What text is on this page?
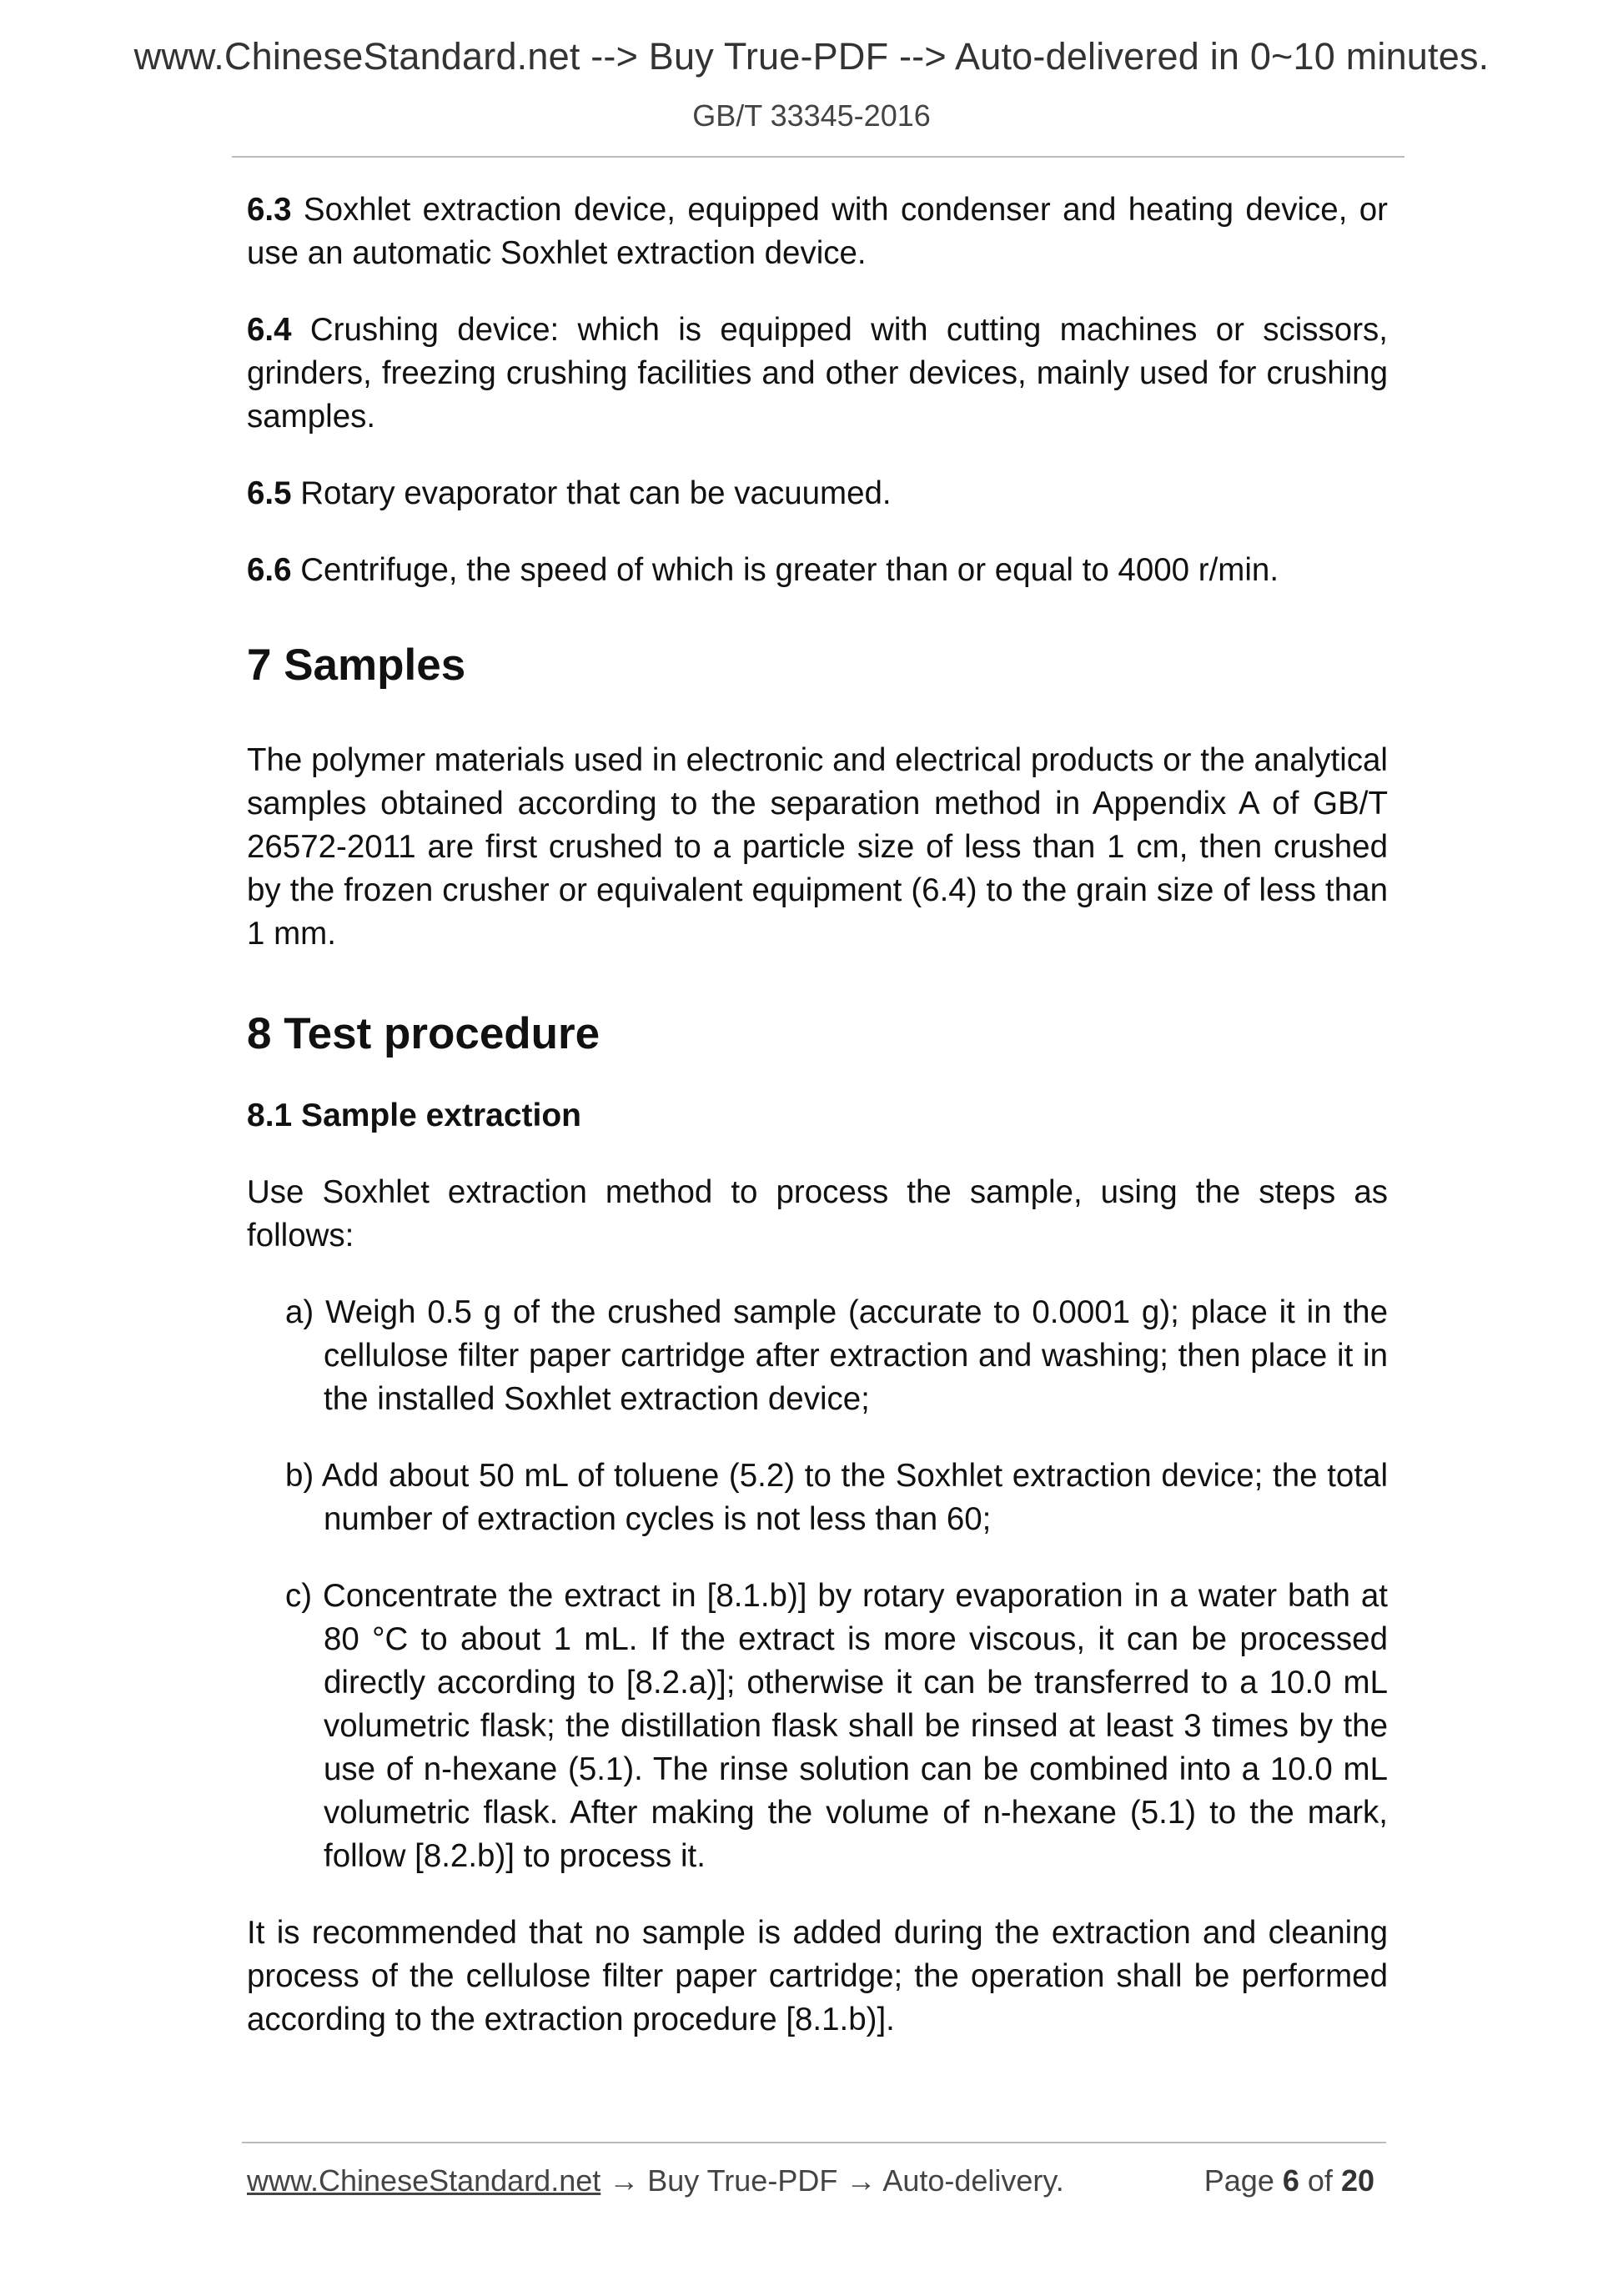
www.ChineseStandard.net --> Buy True-PDF --> Auto-delivered in 0~10 minutes.
GB/T 33345-2016

6.3 Soxhlet extraction device, equipped with condenser and heating device, or use an automatic Soxhlet extraction device.

6.4 Crushing device: which is equipped with cutting machines or scissors, grinders, freezing crushing facilities and other devices, mainly used for crushing samples.

6.5 Rotary evaporator that can be vacuumed.

6.6 Centrifuge, the speed of which is greater than or equal to 4000 r/min.

7 Samples

The polymer materials used in electronic and electrical products or the analytical samples obtained according to the separation method in Appendix A of GB/T 26572-2011 are first crushed to a particle size of less than 1 cm, then crushed by the frozen crusher or equivalent equipment (6.4) to the grain size of less than 1 mm.

8 Test procedure
8.1 Sample extraction

Use Soxhlet extraction method to process the sample, using the steps as follows:

a) Weigh 0.5 g of the crushed sample (accurate to 0.0001 g); place it in the cellulose filter paper cartridge after extraction and washing; then place it in the installed Soxhlet extraction device;

b) Add about 50 mL of toluene (5.2) to the Soxhlet extraction device; the total number of extraction cycles is not less than 60;

c) Concentrate the extract in [8.1.b)] by rotary evaporation in a water bath at 80 °C to about 1 mL. If the extract is more viscous, it can be processed directly according to [8.2.a)]; otherwise it can be transferred to a 10.0 mL volumetric flask; the distillation flask shall be rinsed at least 3 times by the use of n-hexane (5.1). The rinse solution can be combined into a 10.0 mL volumetric flask. After making the volume of n-hexane (5.1) to the mark, follow [8.2.b)] to process it.

It is recommended that no sample is added during the extraction and cleaning process of the cellulose filter paper cartridge; the operation shall be performed according to the extraction procedure [8.1.b)].

www.ChineseStandard.net → Buy True-PDF → Auto-delivery.	Page 6 of 20
